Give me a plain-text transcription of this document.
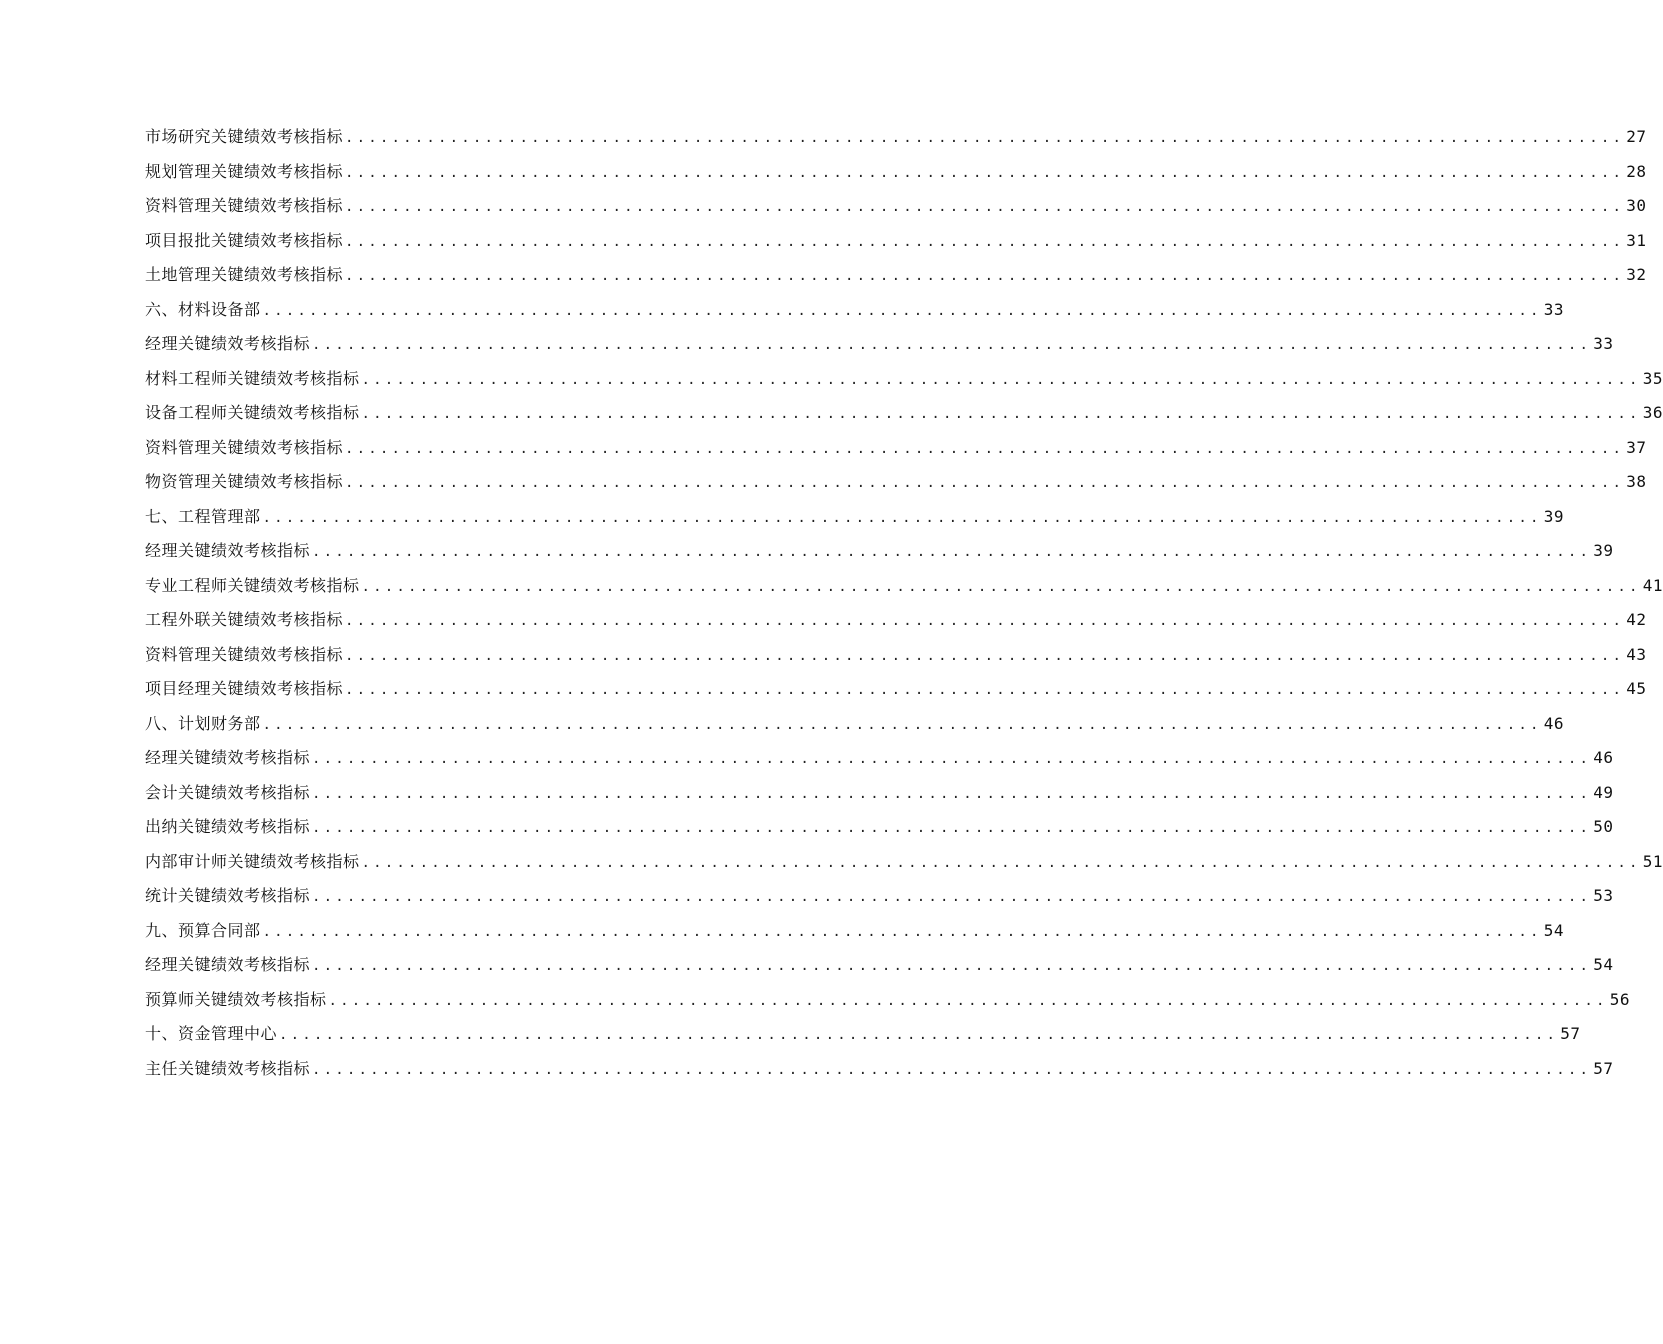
市场研究关键绩效考核指标 .............................................................................................................. 27
规划管理关键绩效考核指标 .............................................................................................................. 28
资料管理关键绩效考核指标 .............................................................................................................. 30
项目报批关键绩效考核指标 .............................................................................................................. 31
土地管理关键绩效考核指标 .............................................................................................................. 32
六、材料设备部 .............................................................................................................. 33
经理关键绩效考核指标 .............................................................................................................. 33
材料工程师关键绩效考核指标 .............................................................................................................. 35
设备工程师关键绩效考核指标 .............................................................................................................. 36
资料管理关键绩效考核指标 .............................................................................................................. 37
物资管理关键绩效考核指标 .............................................................................................................. 38
七、工程管理部 .............................................................................................................. 39
经理关键绩效考核指标 .............................................................................................................. 39
专业工程师关键绩效考核指标 .............................................................................................................. 41
工程外联关键绩效考核指标 .............................................................................................................. 42
资料管理关键绩效考核指标 .............................................................................................................. 43
项目经理关键绩效考核指标 .............................................................................................................. 45
八、计划财务部 .............................................................................................................. 46
经理关键绩效考核指标 .............................................................................................................. 46
会计关键绩效考核指标 .............................................................................................................. 49
出纳关键绩效考核指标 .............................................................................................................. 50
内部审计师关键绩效考核指标 .............................................................................................................. 51
统计关键绩效考核指标 .............................................................................................................. 53
九、预算合同部 .............................................................................................................. 54
经理关键绩效考核指标 .............................................................................................................. 54
预算师关键绩效考核指标 .............................................................................................................. 56
十、资金管理中心 .............................................................................................................. 57
主任关键绩效考核指标 .............................................................................................................. 57
